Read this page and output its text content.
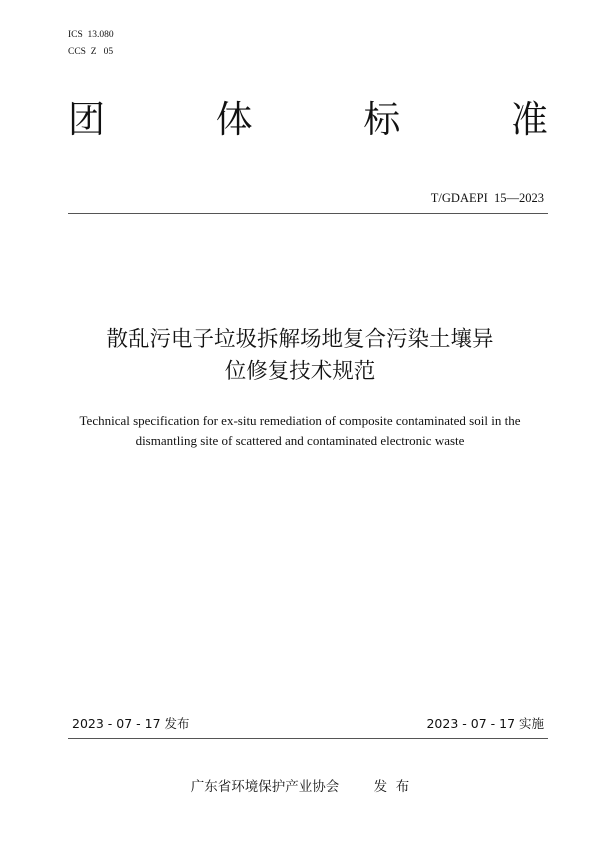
ICS  13.080
CCS  Z   05
团	体	标	准
T/GDAEPI  15—2023
散乱污电子垃圾拆解场地复合污染土壤异
位修复技术规范
Technical specification for ex-situ remediation of composite contaminated soil in the
dismantling site of scattered and contaminated electronic waste
2023 - 07 - 17 发布	2023 - 07 - 17 实施
广东省环境保护产业协会        发  布
